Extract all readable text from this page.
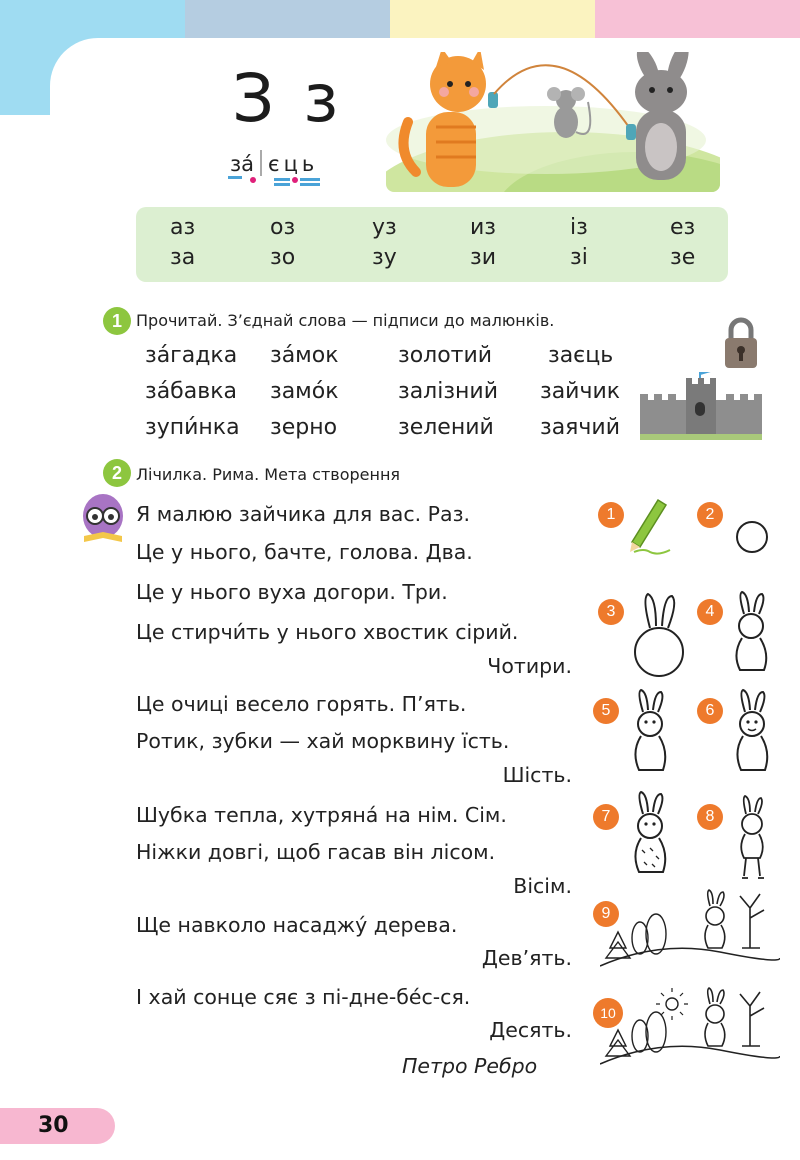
З з
за́ єць
аз	оз	уз	из	із	ез
за	зо	зу	зи	зі	зе
1 Прочитай. З’єднай слова — підписи до малюнків.
за́гадка за́мок	золотий	заєць
за́бавка замо́к	залізний зайчик
зупи́нка зерно	зелений заячий
2 Лічилка. Рима. Мета створення
Я малюю зайчика для вас. Раз.
Це у нього, бачте, голова. Два.
Це у нього вуха догори. Три.
Це стирчи́ть у нього хвостик сірий.
Чотири.
Це очиці весело горять. П’ять.
Ротик, зубки — хай морквину їсть.
Шість.
Шубка тепла, хутряна́ на нім. Сім.
Ніжки довгі, щоб гасав він лісом.
Вісім.
Ще навколо насаджу́ дерева.
Дев’ять.
І хай сонце сяє з пі-дне-бе́с-ся.
Десять.
Петро Ребро
1	2
3	4
5	6
7	8
9
10
30
